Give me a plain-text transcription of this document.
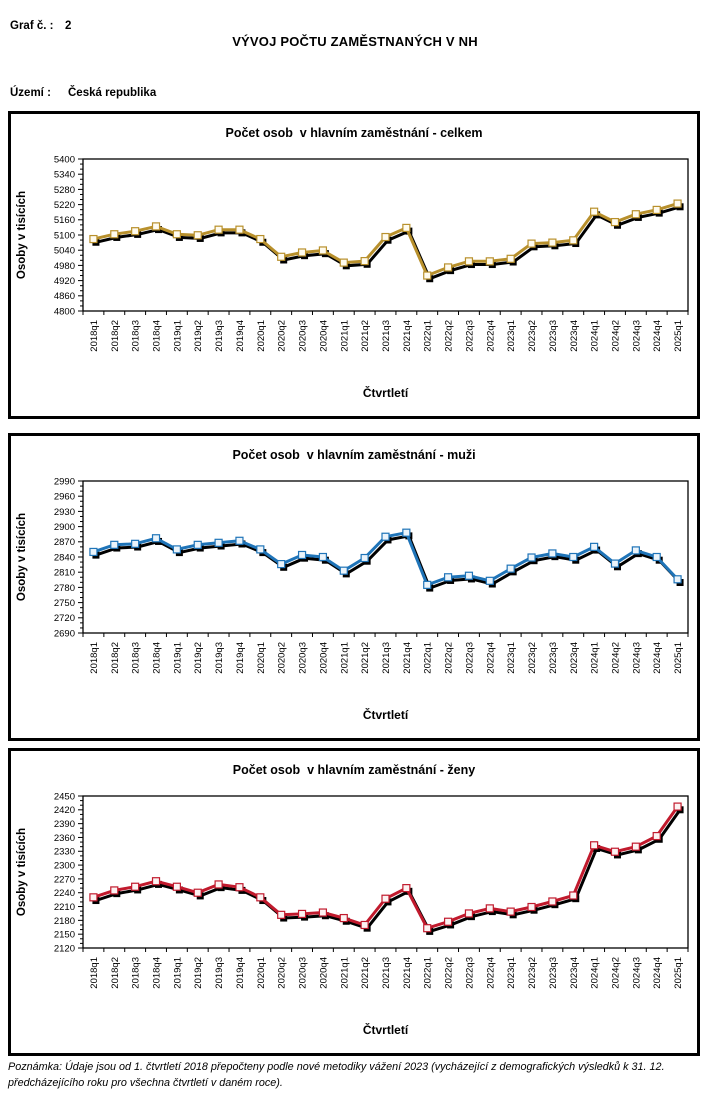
Graf č. : 2
VÝVOJ POČTU ZAMĚSTNANÝCH V NH
Území : Česká republika
4800
4860
4920
4980
5040
5100
5160
5220
5280
5340
5400
2018q1 2018q2 2018q3 2018q4 2019q1 2019q2 2019q3 2019q4 2020q1 2020q2 2020q3 2020q4 2021q1 2021q2 2021q3 2021q4 2022q1 2022q2 2022q3 2022q4 2023q1 2023q2 2023q3 2023q4 2024q1 2024q2 2024q3 2024q4 2025q1
Osoby v tisících
Čtvrtletí
Počet osob  v hlavním zaměstnání - celkem
2690
2720
2750
2780
2810
2840
2870
2900
2930
2960
2990
2018q1 2018q2 2018q3 2018q4 2019q1 2019q2 2019q3 2019q4 2020q1 2020q2 2020q3 2020q4 2021q1 2021q2 2021q3 2021q4 2022q1 2022q2 2022q3 2022q4 2023q1 2023q2 2023q3 2023q4 2024q1 2024q2 2024q3 2024q4 2025q1
Osoby v tisících
Čtvrtletí
Počet osob  v hlavním zaměstnání - muži
2120
2150
2180
2210
2240
2270
2300
2330
2360
2390
2420
2450
2018q1 2018q2 2018q3 2018q4 2019q1 2019q2 2019q3 2019q4 2020q1 2020q2 2020q3 2020q4 2021q1 2021q2 2021q3 2021q4 2022q1 2022q2 2022q3 2022q4 2023q1 2023q2 2023q3 2023q4 2024q1 2024q2 2024q3 2024q4 2025q1
Osoby v tisících
Čtvrtletí
Počet osob  v hlavním zaměstnání - ženy
Poznámka: Údaje jsou od 1. čtvrtletí 2018 přepočteny podle nové metodiky vážení 2023 (vycházející z demografických výsledků k 31. 12. předcházejícího roku pro všechna čtvrtletí v daném roce).
